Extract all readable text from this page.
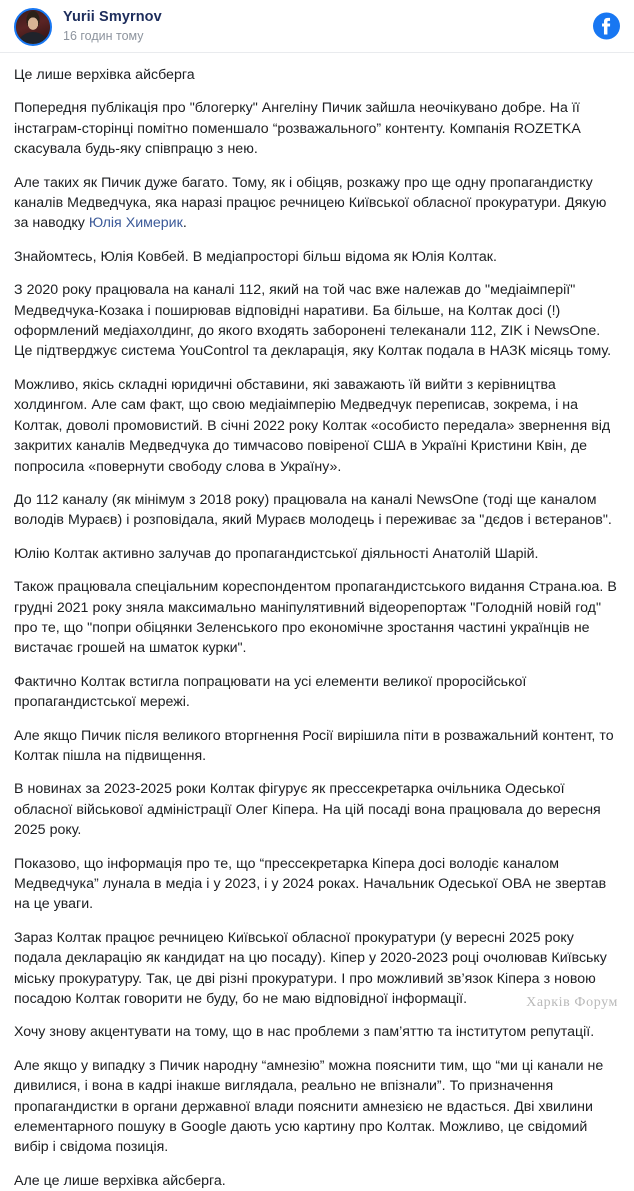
Yurii Smyrnov
16 годин тому

Це лише верхівка айсберга

Попередня публікація про "блогерку" Ангеліну Пичик зайшла неочікувано добре. На її інстаграм-сторінці помітно поменшало “розважального” контенту. Компанія ROZETKA скасувала будь-яку співпрацю з нею.

Але таких як Пичик дуже багато. Тому, як і обіцяв, розкажу про ще одну пропагандистку каналів Медведчука, яка наразі працює речницею Київської обласної прокуратури. Дякую за наводку Юлія Химерик.

Знайомтесь, Юлія Ковбей. В медіапросторі більш відома як Юлія Колтак.

З 2020 року працювала на каналі 112, який на той час вже належав до "медіаімперії" Медведчука-Козака і поширював відповідні наративи. Ба більше, на Колтак досі (!) оформлений медіахолдинг, до якого входять заборонені телеканали 112, ZIK і NewsOne. Це підтверджує система YouControl та декларація, яку Колтак подала в НАЗК місяць тому.

Можливо, якісь складні юридичні обставини, які заважають їй вийти з керівництва холдингом. Але сам факт, що свою медіаімперію Медведчук переписав, зокрема, і на Колтак, доволі промовистий. В січні 2022 року Колтак «особисто передала» звернення від закритих каналів Медведчука до тимчасово повіреної США в Україні Кристини Квін, де попросила «повернути свободу слова в Україну».

До 112 каналу (як мінімум з 2018 року) працювала на каналі NewsOne (тоді ще каналом володів Мураєв) і розповідала, який Мураєв молодець і переживає за "дєдов і вєтеранов".

Юлію Колтак активно залучав до пропагандистської діяльності Анатолій Шарій.

Також працювала спеціальним кореспондентом пропагандистського видання Страна.юа. В грудні 2021 року зняла максимально маніпулятивний відеорепортаж "Голодній новій год" про те, що "попри обіцянки Зеленського про економічне зростання частині українців не вистачає грошей на шматок курки".

Фактично Колтак встигла попрацювати на усі елементи великої проросійської пропагандистської мережі.

Але якщо Пичик після великого вторгнення Росії вирішила піти в розважальний контент, то Колтак пішла на підвищення.

В новинах за 2023-2025 роки Колтак фігурує як прессекретарка очільника Одеської обласної військової адміністрації Олег Кіпера. На цій посаді вона працювала до вересня 2025 року.

Показово, що інформація про те, що “прессекретарка Кіпера досі володіє каналом Медведчука” лунала в медіа і у 2023, і у 2024 роках. Начальник Одеської ОВА не звертав на це уваги.

Зараз Колтак працює речницею Київської обласної прокуратури (у вересні 2025 року подала декларацію як кандидат на цю посаду). Кіпер у 2020-2023 році очолював Київську міську прокуратуру. Так, це дві різні прокуратури. І про можливий зв’язок Кіпера з новою посадою Колтак говорити не буду, бо не маю відповідної інформації.

Хочу знову акцентувати на тому, що в нас проблеми з пам’яттю та інститутом репутації.

Але якщо у випадку з Пичик народну “амнезію” можна пояснити тим, що “ми ці канали не дивилися, і вона в кадрі інакше виглядала, реально не впізнали”. То призначення пропагандистки в органи державної влади пояснити амнезією не вдасться. Дві хвилини елементарного пошуку в Google дають усю картину про Колтак. Можливо, це свідомий вибір і свідома позиція.

Але це лише верхівка айсберга.

Харків Форум
